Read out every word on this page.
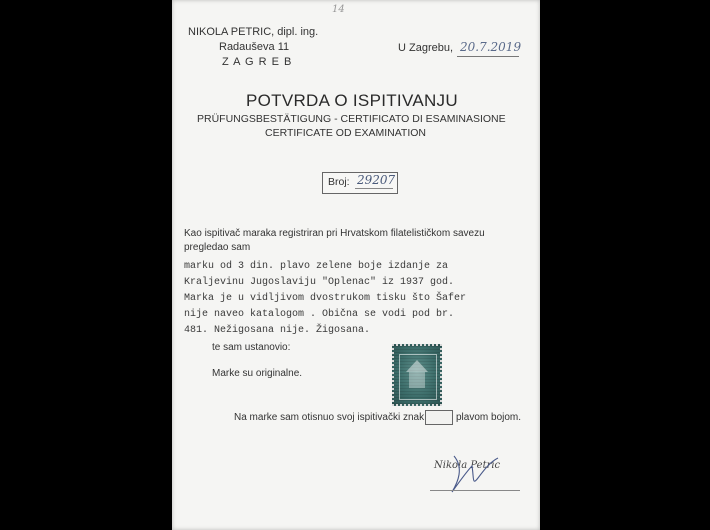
NIKOLA PETRIC, dipl. ing.
Radauševa 11
Z A G R E B
14
U Zagrebu, 20.7.2019
POTVRDA O ISPITIVANJU
PRÜFUNGSBESTÄTIGUNG - CERTIFICATO DI ESAMINASIONE
CERTIFICATE OD EXAMINATION
Broj: 29207
Kao ispitivač maraka registriran pri Hrvatskom filatelističkom savezu
pregledao sam
marku od 3 din. plavo zelene boje izdanje za
Kraljevinu Jugoslaviju "Oplenac" iz 1937 god.
Marka je u vidljivom dvostrukom tisku što Šafer
nije naveo katalogom . Obična se vodi pod br.
481. Nežigosana nije. Žigosana.
te sam ustanovio:
Marke su originalne.
Na marke sam otisnuo svoj ispitivački znak	plavom bojom.
Nikola Petric
